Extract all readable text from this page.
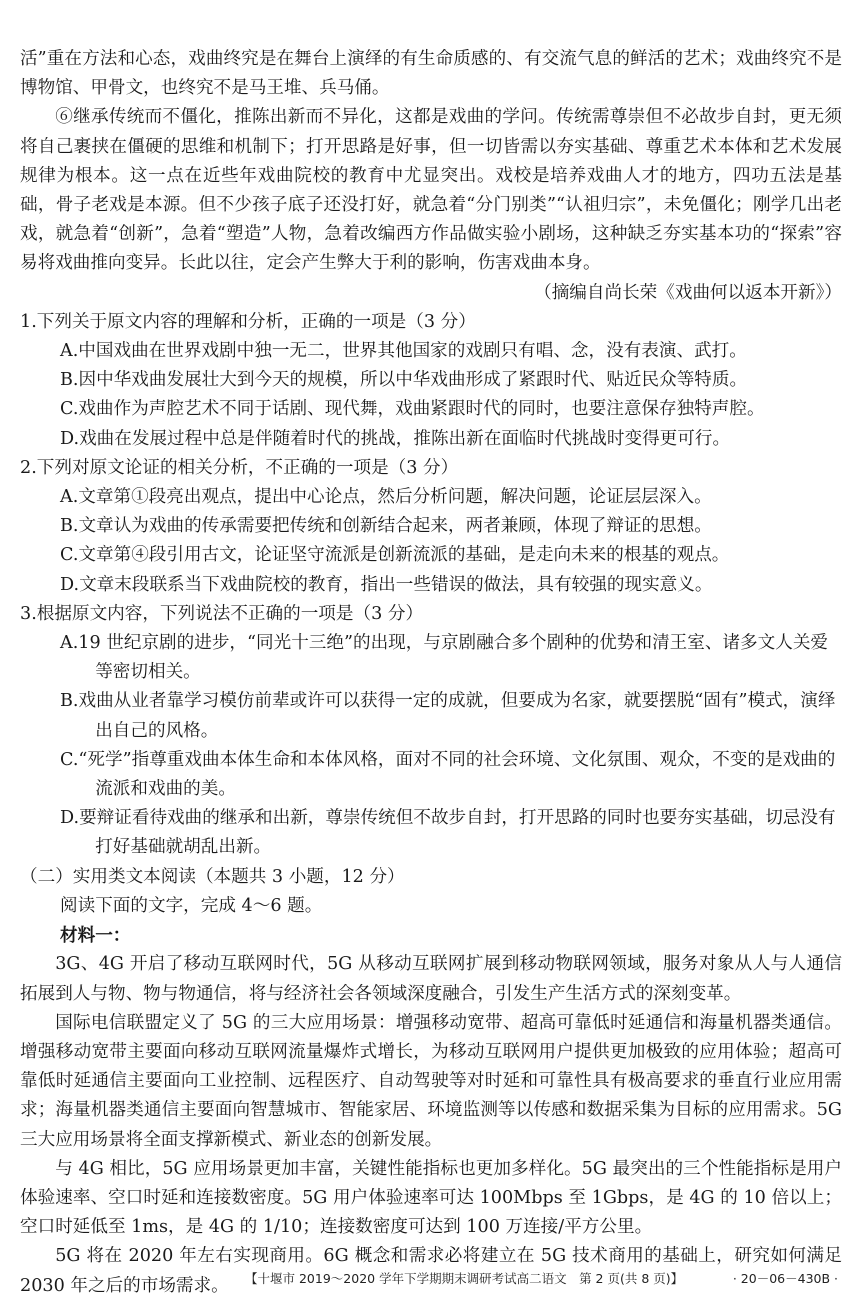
活”重在方法和心态，戏曲终究是在舞台上演绎的有生命质感的、有交流气息的鲜活的艺术；戏曲终究不是博物馆、甲骨文，也终究不是马王堆、兵马俑。

⑥继承传统而不僵化，推陈出新而不异化，这都是戏曲的学问。传统需尊崇但不必故步自封，更无须将自己裹挟在僵硬的思维和机制下；打开思路是好事，但一切皆需以夯实基础、尊重艺术本体和艺术发展规律为根本。这一点在近些年戏曲院校的教育中尤显突出。戏校是培养戏曲人才的地方，四功五法是基础，骨子老戏是本源。但不少孩子底子还没打好，就急着“分门别类”“认祖归宗”，未免僵化；刚学几出老戏，就急着“创新”，急着“塑造”人物，急着改编西方作品做实验小剧场，这种缺乏夯实基本功的“探索”容易将戏曲推向变异。长此以往，定会产生弊大于利的影响，伤害戏曲本身。

（摘编自尚长荣《戏曲何以返本开新》）

1.下列关于原文内容的理解和分析，正确的一项是（3 分）

A.中国戏曲在世界戏剧中独一无二，世界其他国家的戏剧只有唱、念，没有表演、武打。

B.因中华戏曲发展壮大到今天的规模，所以中华戏曲形成了紧跟时代、贴近民众等特质。

C.戏曲作为声腔艺术不同于话剧、现代舞，戏曲紧跟时代的同时，也要注意保存独特声腔。

D.戏曲在发展过程中总是伴随着时代的挑战，推陈出新在面临时代挑战时变得更可行。

2.下列对原文论证的相关分析，不正确的一项是（3 分）

A.文章第①段亮出观点，提出中心论点，然后分析问题，解决问题，论证层层深入。

B.文章认为戏曲的传承需要把传统和创新结合起来，两者兼顾，体现了辩证的思想。

C.文章第④段引用古文，论证坚守流派是创新流派的基础，是走向未来的根基的观点。

D.文章末段联系当下戏曲院校的教育，指出一些错误的做法，具有较强的现实意义。

3.根据原文内容，下列说法不正确的一项是（3 分）

A.19 世纪京剧的进步，“同光十三绝”的出现，与京剧融合多个剧种的优势和清王室、诸多文人关爱等密切相关。

B.戏曲从业者靠学习模仿前辈或许可以获得一定的成就，但要成为名家，就要摆脱“固有”模式，演绎出自己的风格。

C.“死学”指尊重戏曲本体生命和本体风格，面对不同的社会环境、文化氛围、观众，不变的是戏曲的流派和戏曲的美。

D.要辩证看待戏曲的继承和出新，尊崇传统但不故步自封，打开思路的同时也要夯实基础，切忌没有打好基础就胡乱出新。

（二）实用类文本阅读（本题共 3 小题，12 分）

阅读下面的文字，完成 4～6 题。

材料一：

3G、4G 开启了移动互联网时代，5G 从移动互联网扩展到移动物联网领域，服务对象从人与人通信拓展到人与物、物与物通信，将与经济社会各领域深度融合，引发生产生活方式的深刻变革。

国际电信联盟定义了 5G 的三大应用场景：增强移动宽带、超高可靠低时延通信和海量机器类通信。增强移动宽带主要面向移动互联网流量爆炸式增长，为移动互联网用户提供更加极致的应用体验；超高可靠低时延通信主要面向工业控制、远程医疗、自动驾驶等对时延和可靠性具有极高要求的垂直行业应用需求；海量机器类通信主要面向智慧城市、智能家居、环境监测等以传感和数据采集为目标的应用需求。5G 三大应用场景将全面支撑新模式、新业态的创新发展。

与 4G 相比，5G 应用场景更加丰富，关键性能指标也更加多样化。5G 最突出的三个性能指标是用户体验速率、空口时延和连接数密度。5G 用户体验速率可达 100Mbps 至 1Gbps，是 4G 的 10 倍以上；空口时延低至 1ms，是 4G 的 1/10；连接数密度可达到 100 万连接/平方公里。

5G 将在 2020 年左右实现商用。6G 概念和需求必将建立在 5G 技术商用的基础上，研究如何满足 2030 年之后的市场需求。	【十堰市 2019～2020 学年下学期期末调研考试高二语文　第 2 页(共 8 页)】	· 20－06－430B ·
